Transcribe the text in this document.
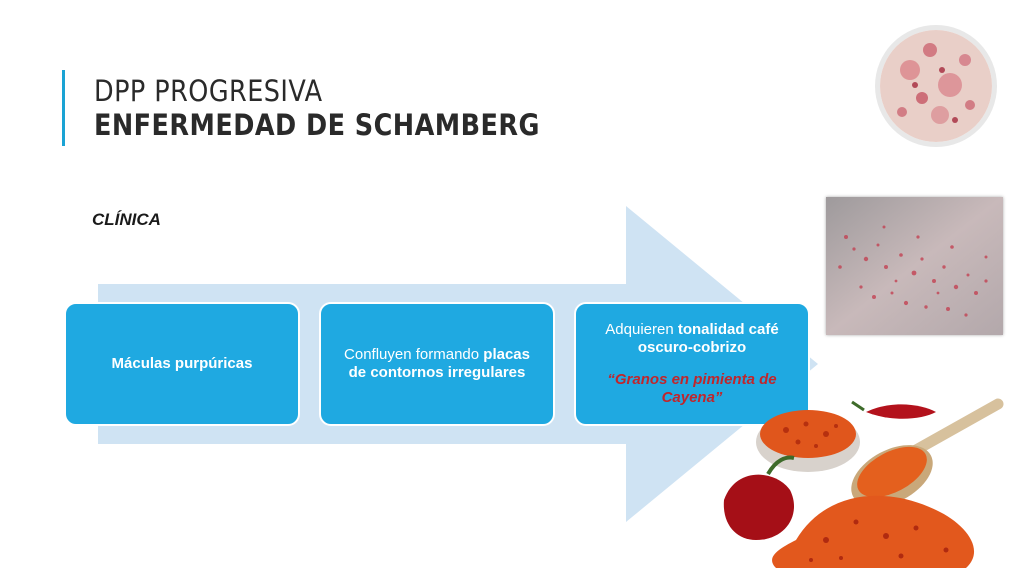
DPP PROGRESIVA
ENFERMEDAD DE SCHAMBERG
CLÍNICA
Máculas purpúricas
Confluyen formando placas de contornos irregulares
Adquieren tonalidad café oscuro-cobrizo
“Granos en pimienta de Cayena”
